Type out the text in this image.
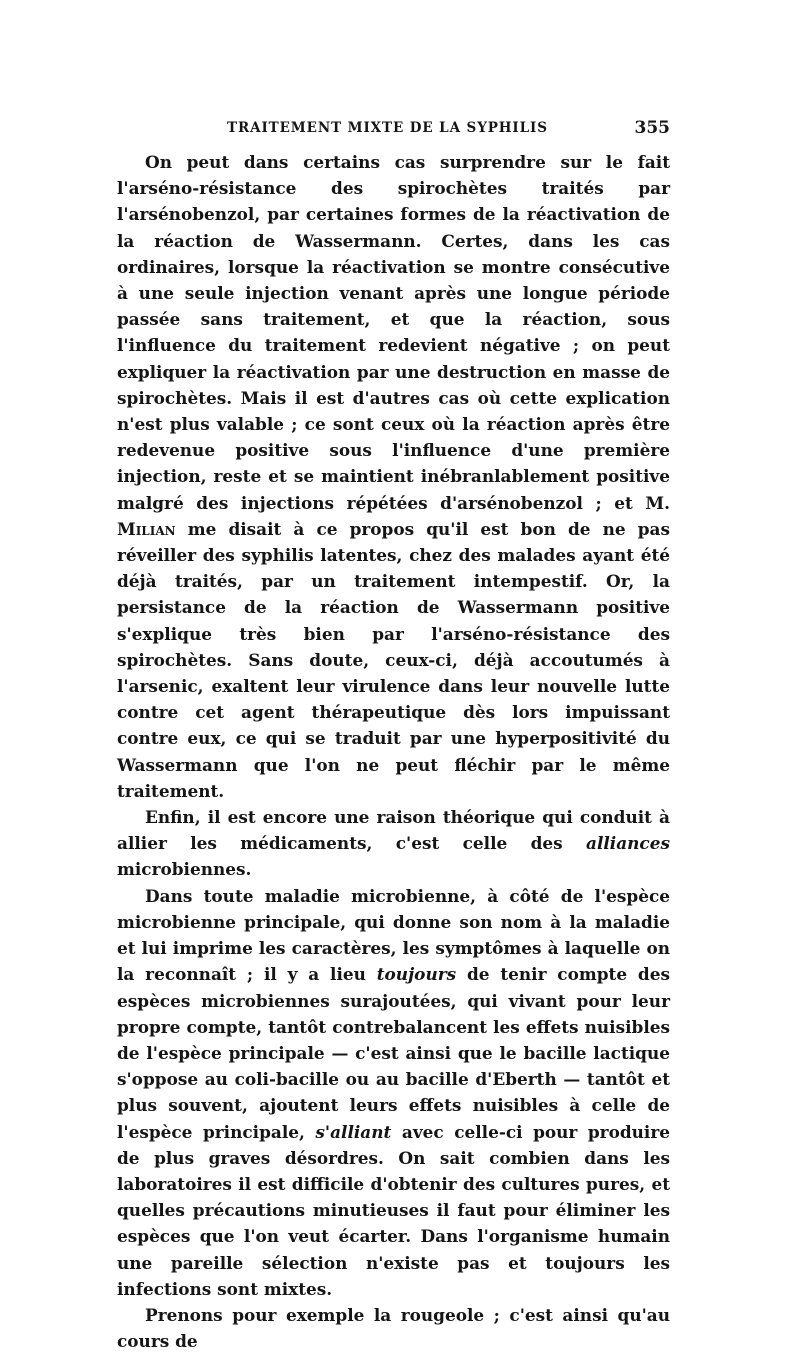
TRAITEMENT MIXTE DE LA SYPHILIS	355

On peut dans certains cas surprendre sur le fait l'arséno-résistance des spirochètes traités par l'arsénobenzol, par certaines formes de la réactivation de la réaction de Wassermann. Certes, dans les cas ordinaires, lorsque la réactivation se montre consécutive à une seule injection venant après une longue période passée sans traitement, et que la réaction, sous l'influence du traitement redevient négative ; on peut expliquer la réactivation par une destruction en masse de spirochètes. Mais il est d'autres cas où cette explication n'est plus valable ; ce sont ceux où la réaction après être redevenue positive sous l'influence d'une première injection, reste et se maintient inébranlablement positive malgré des injections répétées d'arsénobenzol ; et M. Milian me disait à ce propos qu'il est bon de ne pas réveiller des syphilis latentes, chez des malades ayant été déjà traités, par un traitement intempestif. Or, la persistance de la réaction de Wassermann positive s'explique très bien par l'arséno-résistance des spirochètes. Sans doute, ceux-ci, déjà accoutumés à l'arsenic, exaltent leur virulence dans leur nouvelle lutte contre cet agent thérapeutique dès lors impuissant contre eux, ce qui se traduit par une hyperpositivité du Wassermann que l'on ne peut fléchir par le même traitement.

Enfin, il est encore une raison théorique qui conduit à allier les médicaments, c'est celle des alliances microbiennes.

Dans toute maladie microbienne, à côté de l'espèce microbienne principale, qui donne son nom à la maladie et lui imprime les caractères, les symptômes à laquelle on la reconnaît ; il y a lieu toujours de tenir compte des espèces microbiennes surajoutées, qui vivant pour leur propre compte, tantôt contrebalancent les effets nuisibles de l'espèce principale — c'est ainsi que le bacille lactique s'oppose au coli-bacille ou au bacille d'Eberth — tantôt et plus souvent, ajoutent leurs effets nuisibles à celle de l'espèce principale, s'alliant avec celle-ci pour produire de plus graves désordres. On sait combien dans les laboratoires il est difficile d'obtenir des cultures pures, et quelles précautions minutieuses il faut pour éliminer les espèces que l'on veut écarter. Dans l'organisme humain une pareille sélection n'existe pas et toujours les infections sont mixtes.

Prenons pour exemple la rougeole ; c'est ainsi qu'au cours de
